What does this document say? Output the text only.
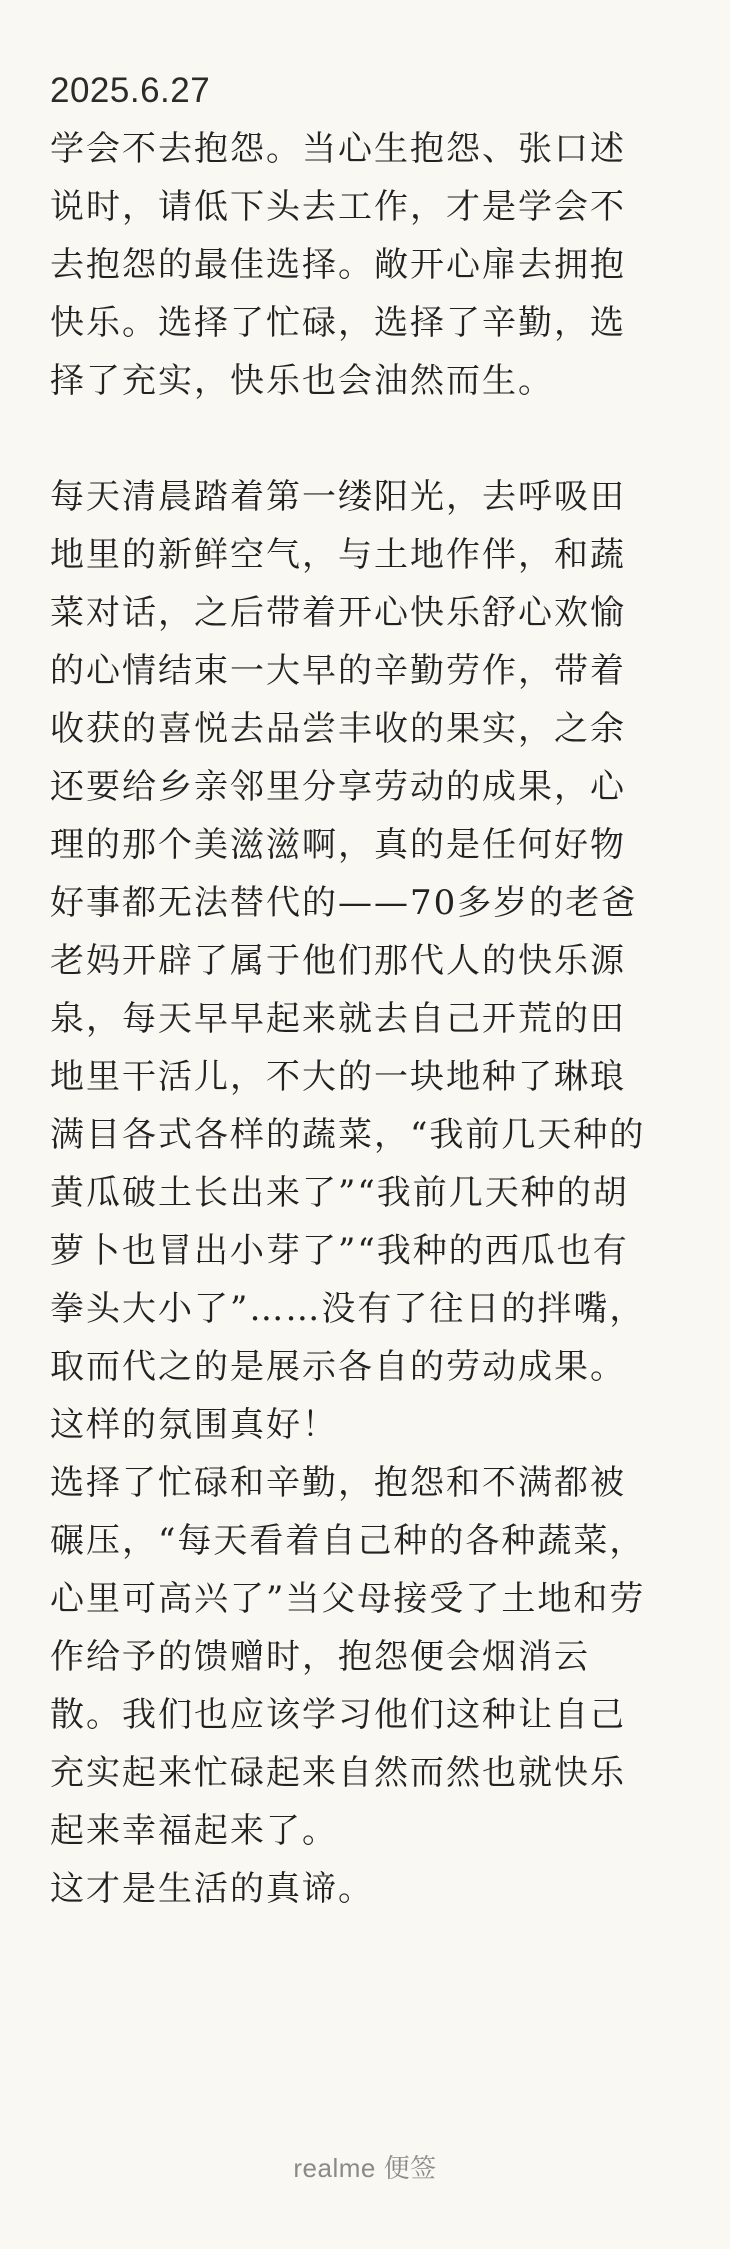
2025.6.27

学会不去抱怨。当心生抱怨、张口述
说时，请低下头去工作，才是学会不
去抱怨的最佳选择。敞开心扉去拥抱
快乐。选择了忙碌，选择了辛勤，选
择了充实，快乐也会油然而生。

每天清晨踏着第一缕阳光，去呼吸田
地里的新鲜空气，与土地作伴，和蔬
菜对话，之后带着开心快乐舒心欢愉
的心情结束一大早的辛勤劳作，带着
收获的喜悦去品尝丰收的果实，之余
还要给乡亲邻里分享劳动的成果，心
理的那个美滋滋啊，真的是任何好物
好事都无法替代的——70多岁的老爸
老妈开辟了属于他们那代人的快乐源
泉，每天早早起来就去自己开荒的田
地里干活儿，不大的一块地种了琳琅
满目各式各样的蔬菜，“我前几天种的
黄瓜破土长出来了”“我前几天种的胡
萝卜也冒出小芽了”“我种的西瓜也有
拳头大小了”……没有了往日的拌嘴，
取而代之的是展示各自的劳动成果。
这样的氛围真好！

选择了忙碌和辛勤，抱怨和不满都被
碾压，“每天看着自己种的各种蔬菜，
心里可高兴了”当父母接受了土地和劳
作给予的馈赠时，抱怨便会烟消云
散。我们也应该学习他们这种让自己
充实起来忙碌起来自然而然也就快乐
起来幸福起来了。

这才是生活的真谛。

realme 便签
